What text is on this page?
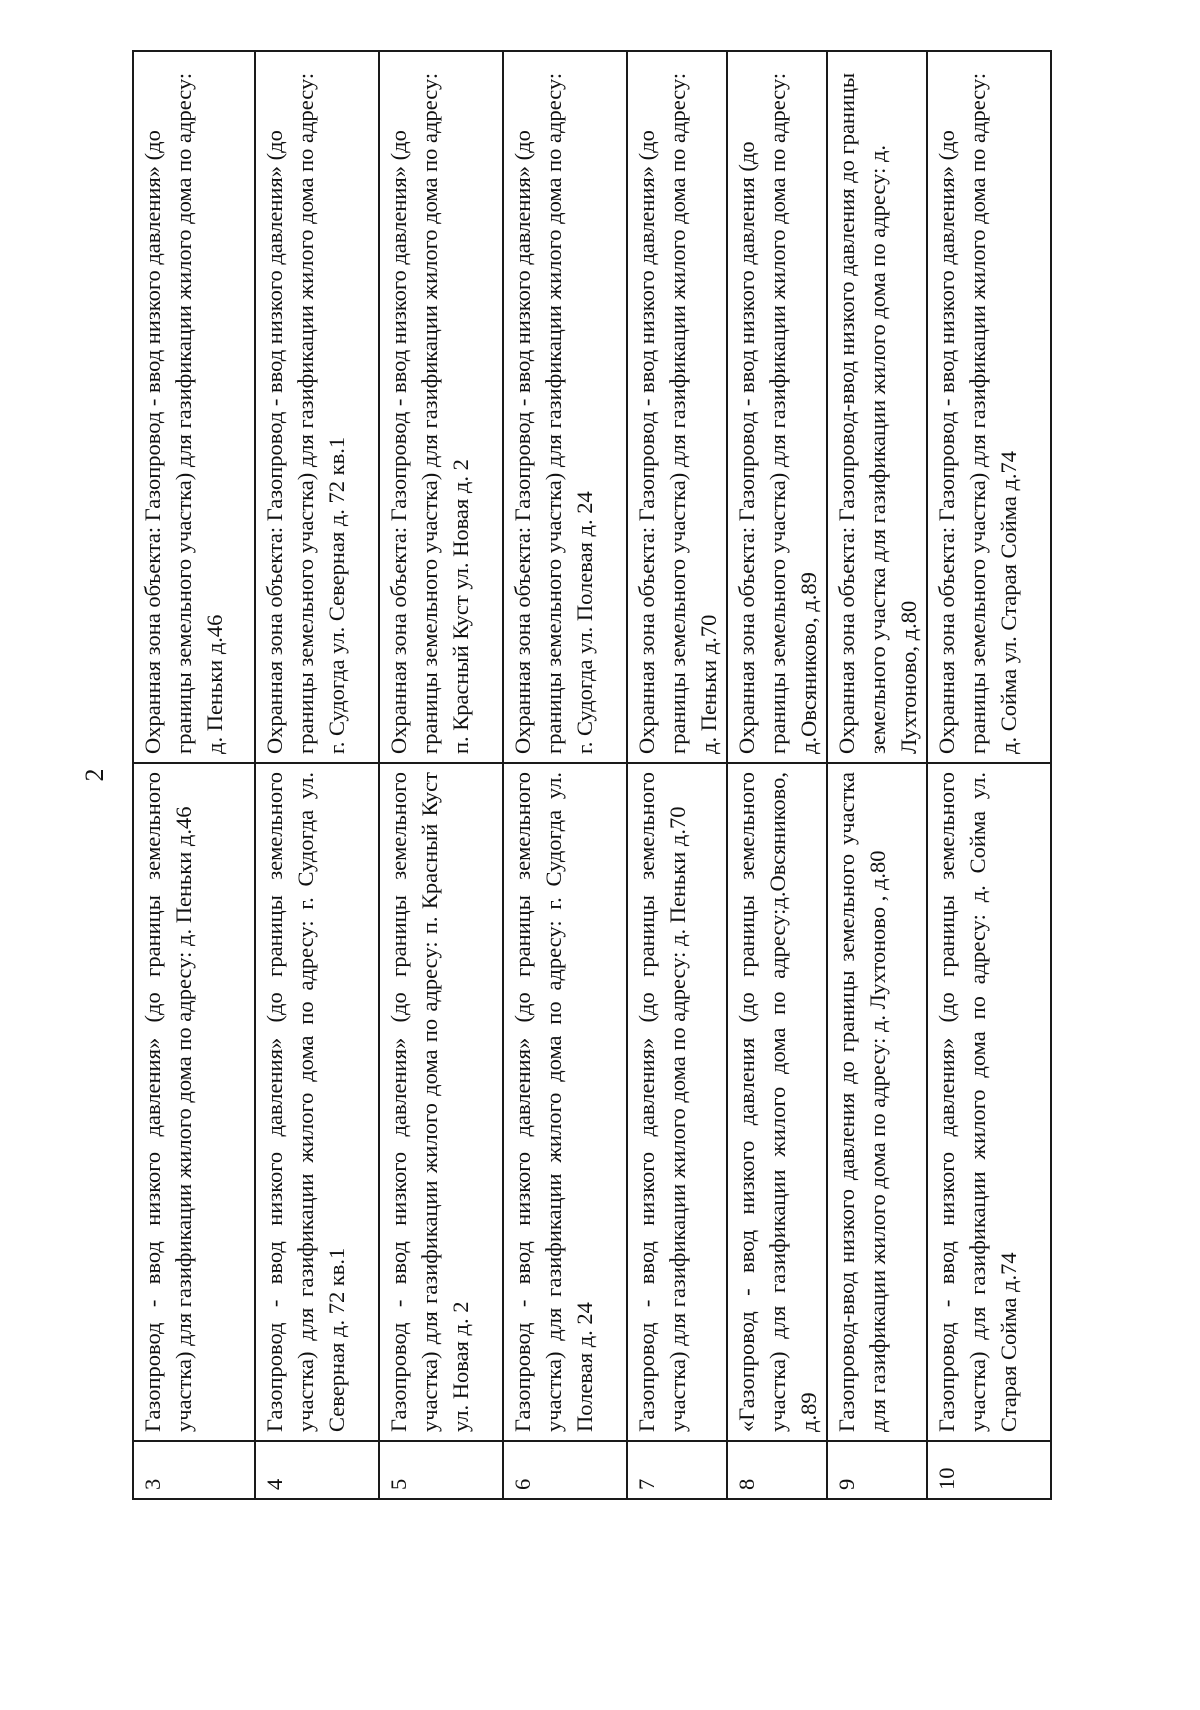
2
3	Газопровод - ввод низкого давления» (до границы земельного участка) для газификации жилого дома по адресу: д. Пеньки д.46	Охранная зона объекта: Газопровод - ввод низкого давления» (до границы земельного участка) для газификации жилого дома по адресу: д. Пеньки д.46
4	Газопровод - ввод низкого давления» (до границы земельного участка) для газификации жилого дома по адресу: г. Судогда ул. Северная д. 72 кв.1	Охранная зона объекта: Газопровод - ввод низкого давления» (до границы земельного участка) для газификации жилого дома по адресу: г. Судогда ул. Северная д. 72 кв.1
5	Газопровод - ввод низкого давления» (до границы земельного участка) для газификации жилого дома по адресу: п. Красный Куст ул. Новая д. 2	Охранная зона объекта: Газопровод - ввод низкого давления» (до границы земельного участка) для газификации жилого дома по адресу: п. Красный Куст ул. Новая д. 2
6	Газопровод - ввод низкого давления» (до границы земельного участка) для газификации жилого дома по адресу: г. Судогда ул. Полевая д. 24	Охранная зона объекта: Газопровод - ввод низкого давления» (до границы земельного участка) для газификации жилого дома по адресу: г. Судогда ул. Полевая д. 24
7	Газопровод - ввод низкого давления» (до границы земельного участка) для газификации жилого дома по адресу: д. Пеньки д.70	Охранная зона объекта: Газопровод - ввод низкого давления» (до границы земельного участка) для газификации жилого дома по адресу: д. Пеньки д.70
8	«Газопровод - ввод низкого давления (до границы земельного участка) для газификации жилого дома по адресу:д.Овсяниково, д.89	Охранная зона объекта: Газопровод - ввод низкого давления (до границы земельного участка) для газификации жилого дома по адресу: д.Овсяниково, д.89
9	Газопровод-ввод низкого давления до границы земельного участка для газификации жилого дома по адресу: д. Лухтоново , д.80	Охранная зона объекта: Газопровод-ввод низкого давления до границы земельного участка для газификации жилого дома по адресу: д. Лухтоново, д.80
10	Газопровод - ввод низкого давления» (до границы земельного участка) для газификации жилого дома по адресу: д. Сойма ул. Старая Сойма д.74	Охранная зона объекта: Газопровод - ввод низкого давления» (до границы земельного участка) для газификации жилого дома по адресу: д. Сойма ул. Старая Сойма д.74
